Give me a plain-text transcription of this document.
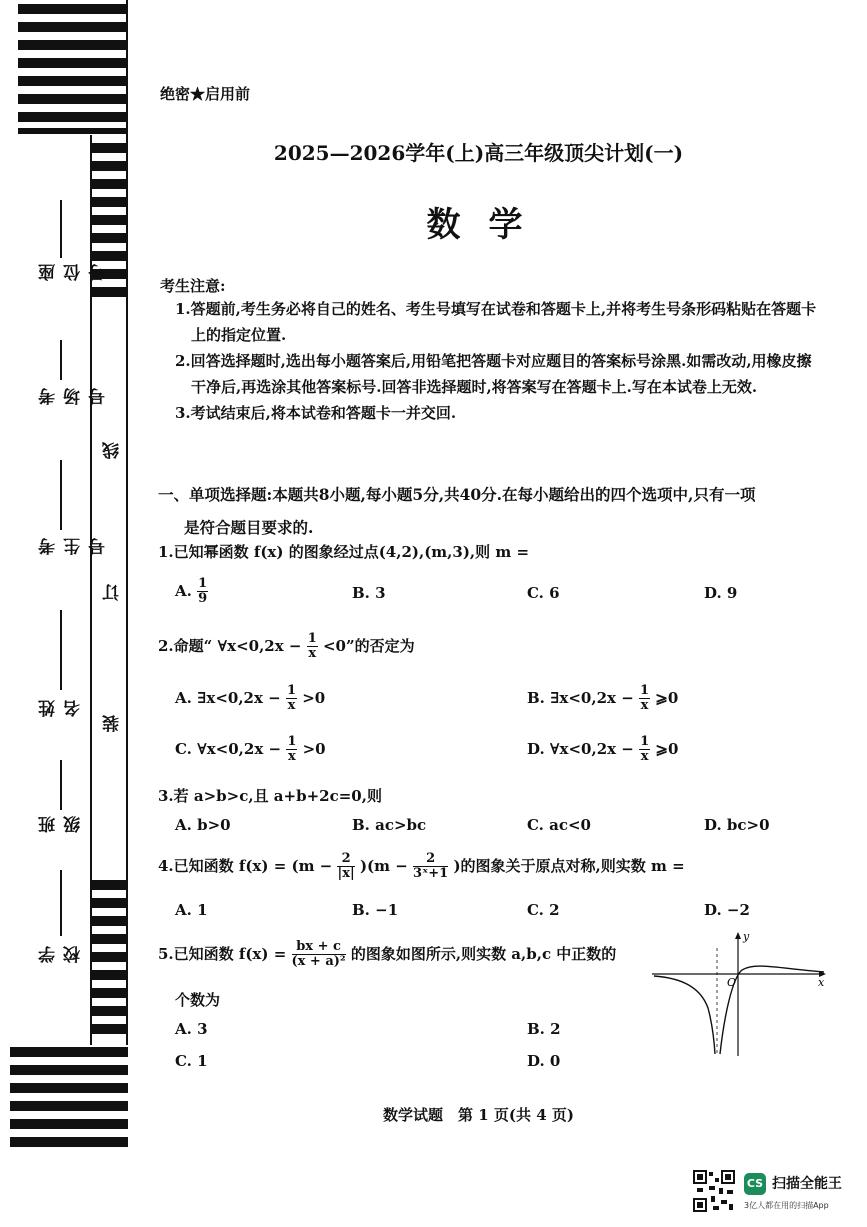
座位号
考场号
考生号
姓名
班级
学校
线
订
装
绝密★启用前
2025—2026学年(上)高三年级顶尖计划(一)
数学
考生注意:

1.答题前,考生务必将自己的姓名、考生号填写在试卷和答题卡上,并将考生号条形码粘贴在答题卡上的指定位置.

2.回答选择题时,选出每小题答案后,用铅笔把答题卡对应题目的答案标号涂黑.如需改动,用橡皮擦干净后,再选涂其他答案标号.回答非选择题时,将答案写在答题卡上.写在本试卷上无效.

3.考试结束后,将本试卷和答题卡一并交回.

一、单项选择题:本题共8小题,每小题5分,共40分.在每小题给出的四个选项中,只有一项

是符合题目要求的.

1.已知幂函数 f(x) 的图象经过点(4,2),(m,3),则 m =
A. $\frac{1}{9}$	B. 3	C. 6	D. 9
2.命题“ ∀x<0,2x − $\frac{1}{x} <0$”的否定为
A. ∃x<0,2x − $\frac{1}{x} >0$	B. ∃x<0,2x − $\frac{1}{x}$ ⩾0
C. ∀x<0,2x − $\frac{1}{x} >0$	D. ∀x<0,2x − $\frac{1}{x}$ ⩾0
3.若 a>b>c,且 a+b+2c=0,则
A. b>0	B. ac>bc	C. ac<0	D. bc>0
4.已知函数 $f(x) = (m - \frac{2}{|x|} )(m - \frac{2}{\text{3ˣ+1}}$ )的图象关于原点对称,则实数 m =
A. 1	B. −1	C. 2	D. −2
5.已知函数 $f(x) = \frac{bx + c}{\text{(x + a)²}}$ 的图象如图所示,则实数 a,b,c 中正数的
个数为
A. 3	B. 2
C. 1	D. 0
x
y
O
数学试题　第 1 页(共 4 页)
CS 扫描全能王
3亿人都在用的扫描App
